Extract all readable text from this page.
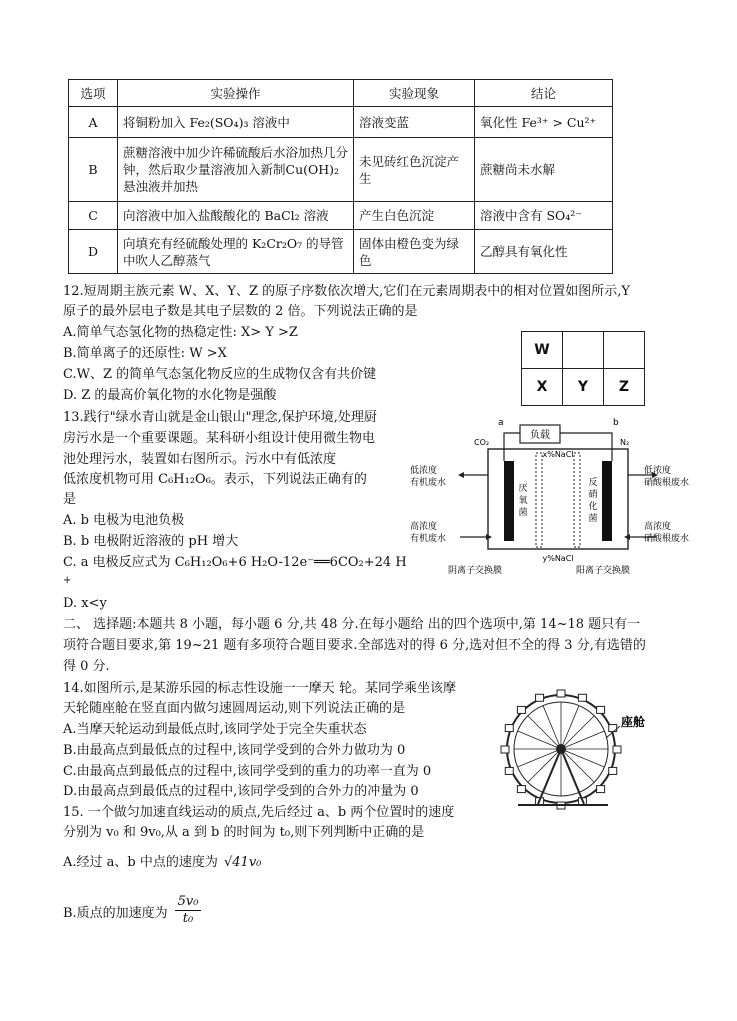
选项	实验操作	实验现象	结论
A	将铜粉加入 Fe₂(SO₄)₃ 溶液中	溶液变蓝	氧化性 Fe³⁺ > Cu²⁺
B	蔗糖溶液中加少许稀硫酸后水浴加热几分钟，然后取少量溶液加入新制Cu(OH)₂悬浊液并加热	未见砖红色沉淀产生	蔗糖尚未水解
C	向溶液中加入盐酸酸化的 BaCl₂ 溶液	产生白色沉淀	溶液中含有 SO₄²⁻
D	向填充有经硫酸处理的 K₂Cr₂O₇ 的导管中吹人乙醇蒸气	固体由橙色变为绿色	乙醇具有氧化性
12.短周期主族元素 W、X、Y、Z 的原子序数依次增大,它们在元素周期表中的相对位置如图所示,Y
原子的最外层电子数是其电子层数的 2 倍。下列说法正确的是
A.简单气态氢化物的热稳定性: X> Y >Z
B.简单离子的还原性: W >X
C.W、Z 的简单气态氢化物反应的生成物仅含有共价键
D. Z 的最高价氧化物的水化物是强酸
W		
X	Y	Z
13.践行"绿水青山就是金山银山"理念,保护环境,处理厨
房污水是一个重要课题。某科研小组设计使用微生物电
池处理污水，装置如右图所示。污水中有低浓度
低浓度机物可用 C₆H₁₂O₆。表示，下列说法正确有的
是
A. b 电极为电池负极
B. b 电极附近溶液的 pH 增大
C. a 电极反应式为 C₆H₁₂O₆+6 H₂O-12e⁻══6CO₂+24 H
+
D. x<y
负载
a	b
CO₂	N₂
厌
氧
菌
反
硝
化
菌
x%NaCl
y%NaCl
低浓度
有机废水
高浓度
有机废水
低浓度
硝酸根废水
高浓度
硝酸根废水
阴离子交换膜	阳离子交换膜
二、 选择题:本题共 8 小题，每小题 6 分,共 48 分.在每小题给 出的四个选项中,第 14~18 题只有一
项符合题目要求,第 19~21 题有多项符合题目要求.全部选对的得 6 分,选对但不全的得 3 分,有选错的
得 0 分.
14.如图所示,是某游乐园的标志性设施一一摩天 轮。某同学乘坐该摩
天轮随座舱在竖直面内做匀速圆周运动,则下列说法正确的是
A.当摩天轮运动到最低点时,该同学处于完全失重状态
B.由最高点到最低点的过程中,该同学受到的合外力做功为 0
C.由最高点到最低点的过程中,该同学受到的重力的功率一直为 0
D.由最高点到最低点的过程中,该同学受到的合外力的冲量为 0
座舱
15. 一个做匀加速直线运动的质点,先后经过 a、b 两个位置时的速度
分别为 v₀ 和 9v₀,从 a 到 b 的时间为 t₀,则下列判断中正确的是
A.经过 a、b 中点的速度为 √41v₀
B.质点的加速度为 $\frac{\text{5v₀}}{\text{t₀}}$
